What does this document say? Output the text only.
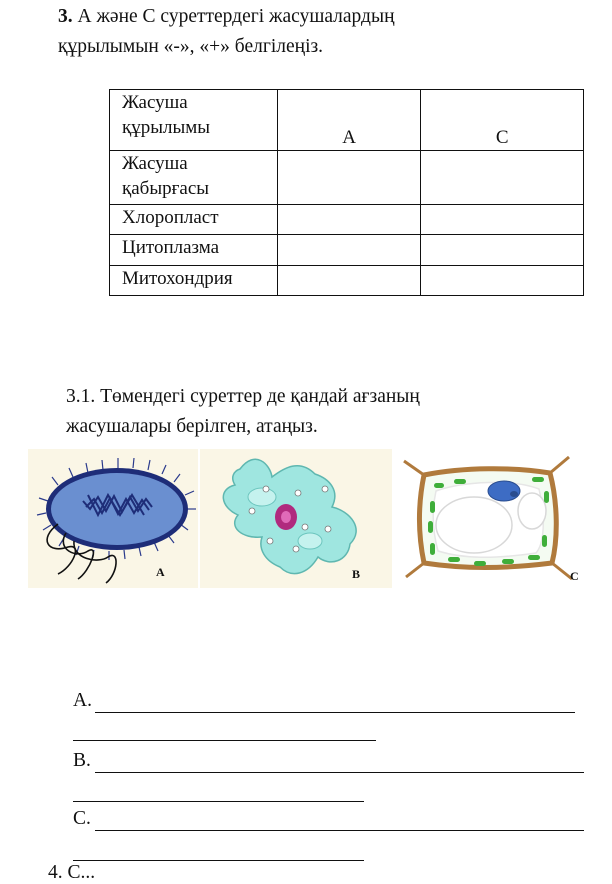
3. А және С суреттердегі жасушалардың
құрылымын «-», «+» белгілеңіз.
Жасуша
құрылымы	А	С
Жасуша
қабырғасы		
Хлоропласт		
Цитоплазма		
Митохондрия		
3.1. Төмендегі суреттер де қандай ағзаның
жасушалары берілген, атаңыз.
A	B	C
A.
B.
C.
4. С...
